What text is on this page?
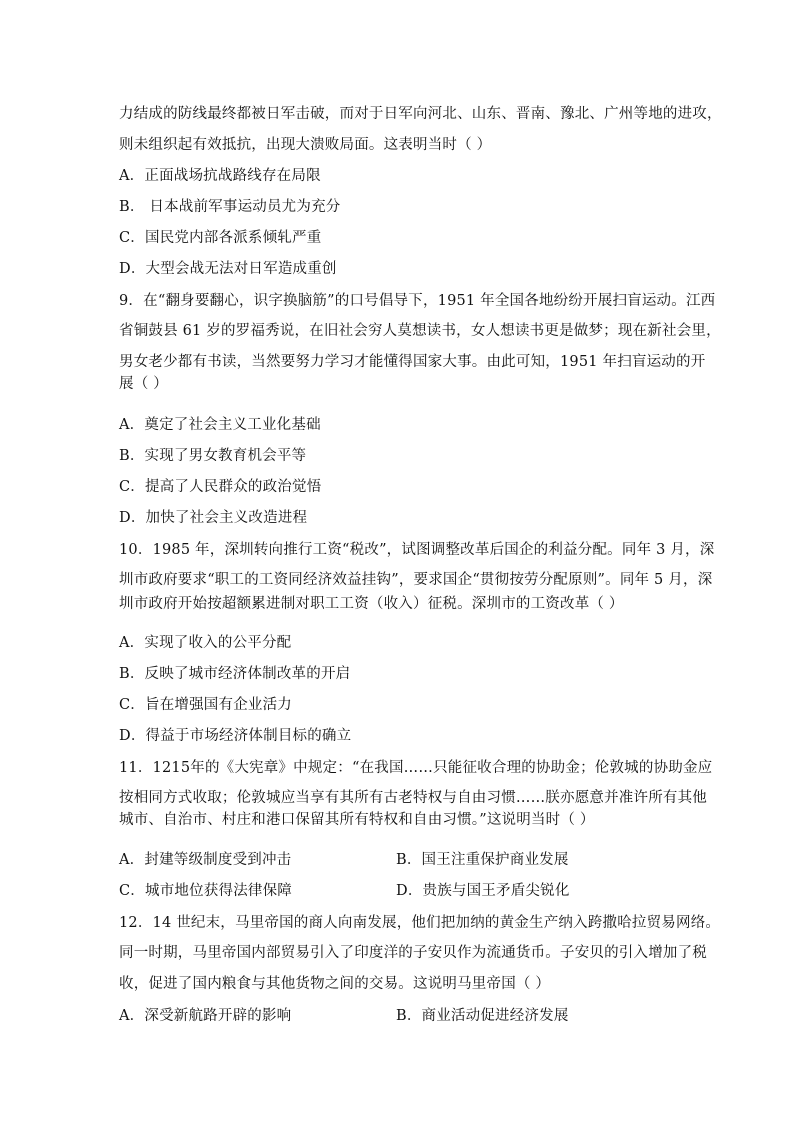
力结成的防线最终都被日军击破，而对于日军向河北、山东、晋南、豫北、广州等地的进攻，
则未组织起有效抵抗，出现大溃败局面。这表明当时（ ）
A．正面战场抗战路线存在局限
B． 日本战前军事运动员尤为充分
C．国民党内部各派系倾轧严重
D．大型会战无法对日军造成重创
9．在“翻身要翻心，识字换脑筋”的口号倡导下，1951 年全国各地纷纷开展扫盲运动。江西
省铜鼓县 61 岁的罗福秀说，在旧社会穷人莫想读书，女人想读书更是做梦；现在新社会里，
男女老少都有书读，当然要努力学习才能懂得国家大事。由此可知，1951 年扫盲运动的开
展（ ）
A．奠定了社会主义工业化基础
B．实现了男女教育机会平等
C．提高了人民群众的政治觉悟
D．加快了社会主义改造进程
10．1985 年，深圳转向推行工资“税改”，试图调整改革后国企的利益分配。同年 3 月，深
圳市政府要求“职工的工资同经济效益挂钩”，要求国企“贯彻按劳分配原则”。同年 5 月，深
圳市政府开始按超额累进制对职工工资（收入）征税。深圳市的工资改革（ ）
A．实现了收入的公平分配
B．反映了城市经济体制改革的开启
C．旨在增强国有企业活力
D．得益于市场经济体制目标的确立
11．1215年的《大宪章》中规定：“在我国……只能征收合理的协助金；伦敦城的协助金应
按相同方式收取；伦敦城应当享有其所有古老特权与自由习惯……朕亦愿意并准许所有其他
城市、自治市、村庄和港口保留其所有特权和自由习惯。”这说明当时（ ）
A．封建等级制度受到冲击	B．国王注重保护商业发展
C．城市地位获得法律保障	D．贵族与国王矛盾尖锐化
12．14 世纪末，马里帝国的商人向南发展，他们把加纳的黄金生产纳入跨撒哈拉贸易网络。
同一时期，马里帝国内部贸易引入了印度洋的子安贝作为流通货币。子安贝的引入增加了税
收，促进了国内粮食与其他货物之间的交易。这说明马里帝国（ ）
A．深受新航路开辟的影响	B．商业活动促进经济发展
